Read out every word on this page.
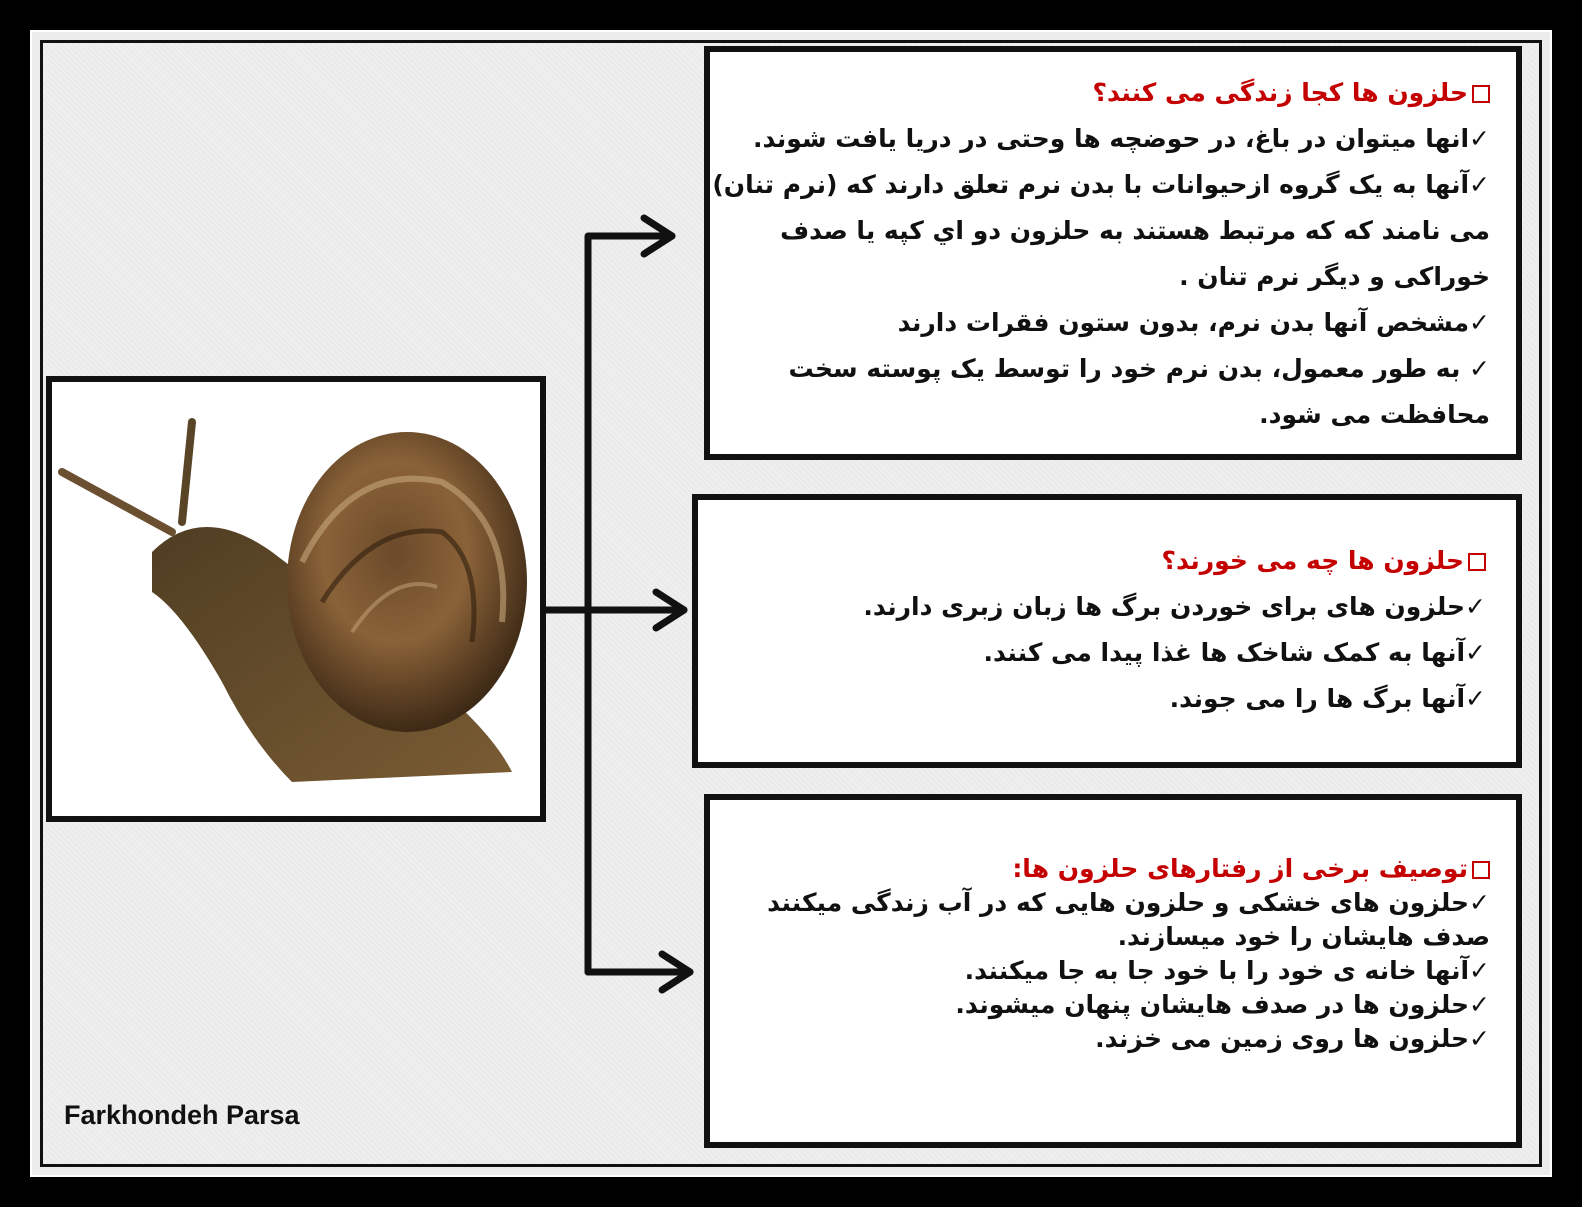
حلزون ها کجا زندگی می کنند؟
✓انها میتوان در باغ، در حوضچه ها وحتی در دریا یافت شوند.
✓آنها به یک گروه ازحیوانات با بدن نرم تعلق دارند که (نرم تنان)
می نامند که که مرتبط هستند به حلزون دو اي کپه يا صدف
خوراکی و دیگر نرم تنان .
✓مشخص آنها بدن نرم، بدون ستون فقرات دارند
✓ به طور معمول، بدن نرم خود را توسط یک پوسته سخت
محافظت می شود.
حلزون ها چه می خورند؟
✓حلزون های برای خوردن برگ ها زبان زبری دارند.
✓آنها به کمک شاخک ها غذا پیدا می کنند.
✓آنها برگ ها را می جوند.
توصیف برخی از رفتارهای حلزون ها:
✓حلزون های خشکی و حلزون هایی که در آب زندگی میکنند
صدف هایشان را خود میسازند.
✓آنها خانه ی خود را با خود جا به جا میکنند.
✓حلزون ها در صدف هایشان پنهان میشوند.
✓حلزون ها روی زمین می خزند.
Farkhondeh Parsa
